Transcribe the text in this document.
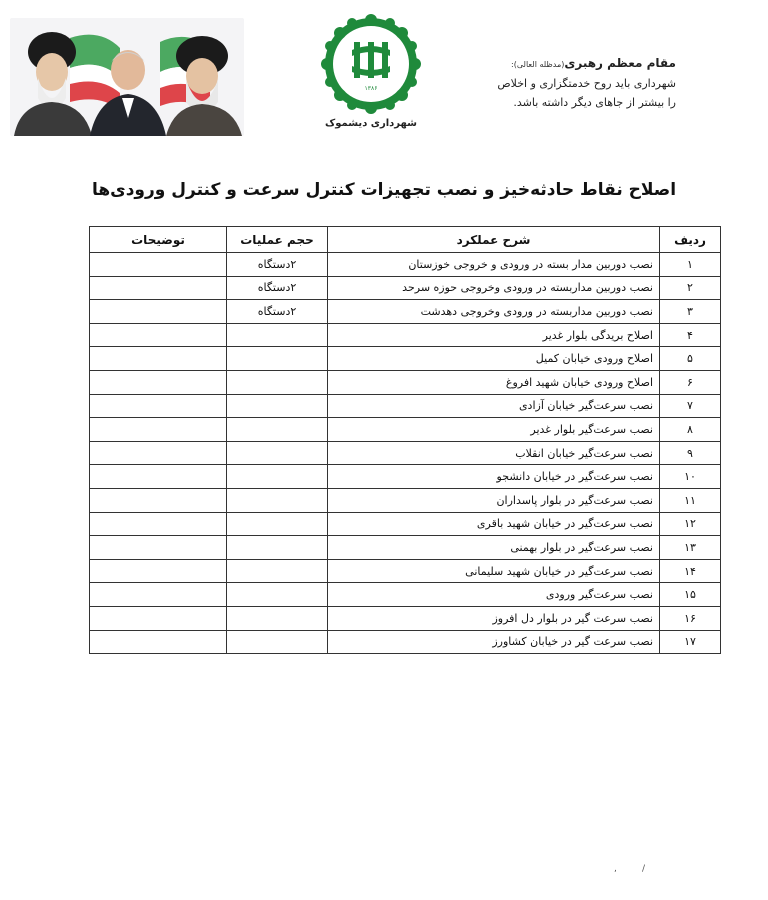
۱۳۸۶
شهرداری دیشموک
مقام معظم رهبری(مدظله العالی):
شهرداری باید روح خدمتگزاری و اخلاص
را بیشتر از جاهای دیگر داشته باشد.
اصلاح نقاط حادثه‌خیز و نصب تجهیزات کنترل سرعت و کنترل ورودی‌ها
ردیف	شرح عملکرد	حجم عملیات	توضیحات
۱	نصب دوربین مدار بسته در ورودی و خروجی خوزستان	۲دستگاه	
۲	نصب دوربین مداربسته در ورودی وخروجی حوزه سرحد	۲دستگاه	
۳	نصب دوربین مداربسته در ورودی وخروجی دهدشت	۲دستگاه	
۴	اصلاح بریدگی بلوار غدیر		
۵	اصلاح ورودی خیابان کمیل		
۶	اصلاح ورودی خیابان شهید افروغ		
۷	نصب سرعت‌گیر خیابان آزادی		
۸	نصب سرعت‌گیر بلوار غدیر		
۹	نصب سرعت‌گیر خیابان انقلاب		
۱۰	نصب سرعت‌گیر در خیابان دانشجو		
۱۱	نصب سرعت‌گیر در بلوار پاسداران		
۱۲	نصب سرعت‌گیر در خیابان شهید باقری		
۱۳	نصب سرعت‌گیر در بلوار بهمنی		
۱۴	نصب سرعت‌گیر در خیابان شهید سلیمانی		
۱۵	نصب سرعت‌گیر ورودی		
۱۶	نصب سرعت گیر در بلوار دل افروز		
۱۷	نصب سرعت گیر در خیابان کشاورز		
,	/
